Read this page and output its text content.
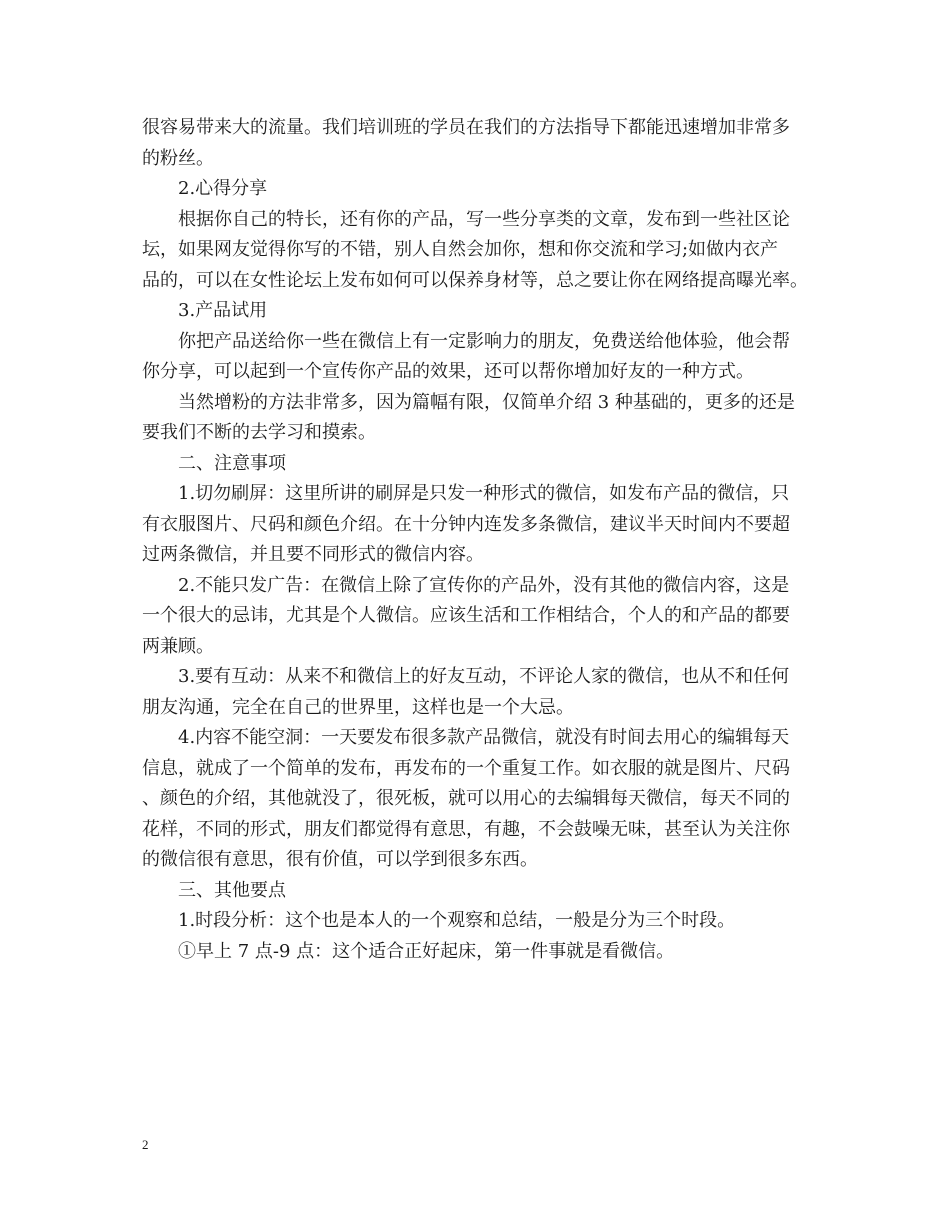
很容易带来大的流量。我们培训班的学员在我们的方法指导下都能迅速增加非常多
的粉丝。
2.心得分享
根据你自己的特长，还有你的产品，写一些分享类的文章，发布到一些社区论
坛，如果网友觉得你写的不错，别人自然会加你，想和你交流和学习;如做内衣产
品的，可以在女性论坛上发布如何可以保养身材等，总之要让你在网络提高曝光率。
3.产品试用
你把产品送给你一些在微信上有一定影响力的朋友，免费送给他体验，他会帮
你分享，可以起到一个宣传你产品的效果，还可以帮你增加好友的一种方式。
当然增粉的方法非常多，因为篇幅有限，仅简单介绍 3 种基础的，更多的还是
要我们不断的去学习和摸索。
二、注意事项
1.切勿刷屏：这里所讲的刷屏是只发一种形式的微信，如发布产品的微信，只
有衣服图片、尺码和颜色介绍。在十分钟内连发多条微信，建议半天时间内不要超
过两条微信，并且要不同形式的微信内容。
2.不能只发广告：在微信上除了宣传你的产品外，没有其他的微信内容，这是
一个很大的忌讳，尤其是个人微信。应该生活和工作相结合，个人的和产品的都要
两兼顾。
3.要有互动：从来不和微信上的好友互动，不评论人家的微信，也从不和任何
朋友沟通，完全在自己的世界里，这样也是一个大忌。
4.内容不能空洞：一天要发布很多款产品微信，就没有时间去用心的编辑每天
信息，就成了一个简单的发布，再发布的一个重复工作。如衣服的就是图片、尺码
、颜色的介绍，其他就没了，很死板，就可以用心的去编辑每天微信，每天不同的
花样，不同的形式，朋友们都觉得有意思，有趣，不会鼓噪无味，甚至认为关注你
的微信很有意思，很有价值，可以学到很多东西。
三、其他要点
1.时段分析：这个也是本人的一个观察和总结，一般是分为三个时段。
①早上 7 点-9 点：这个适合正好起床，第一件事就是看微信。
2
